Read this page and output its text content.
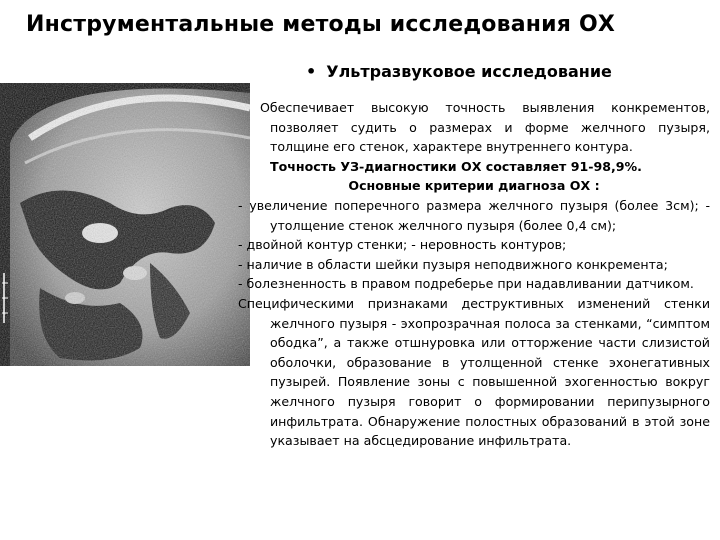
Инструментальные методы исследования ОХ
• Ультразвуковое исследование

Обеспечивает высокую точность выявления конкрементов, позволяет судить о размерах и форме желчного пузыря, толщине его стенок, характере внутреннего контура.

Точность УЗ-диагностики ОХ составляет 91-98,9%.

Основные критерии диагноза ОХ :

- увеличение поперечного размера желчного пузыря (более 3см); - утолщение стенок желчного пузыря (более 0,4 см);

- двойной контур стенки; - неровность контуров;

- наличие в области шейки пузыря неподвижного конкремента;

- болезненность в правом подреберье при надавливании датчиком.

Специфическими признаками деструктивных изменений стенки желчного пузыря - эхопрозрачная полоса за стенками, “симптом ободка”, а также отшнуровка или отторжение части слизистой оболочки, образование в утолщенной стенке эхонегативных пузырей. Появление зоны с повышенной эхогенностью вокруг желчного пузыря говорит о формировании перипузырного инфильтрата. Обнаружение полостных образований в этой зоне указывает на абсцедирование инфильтрата.
